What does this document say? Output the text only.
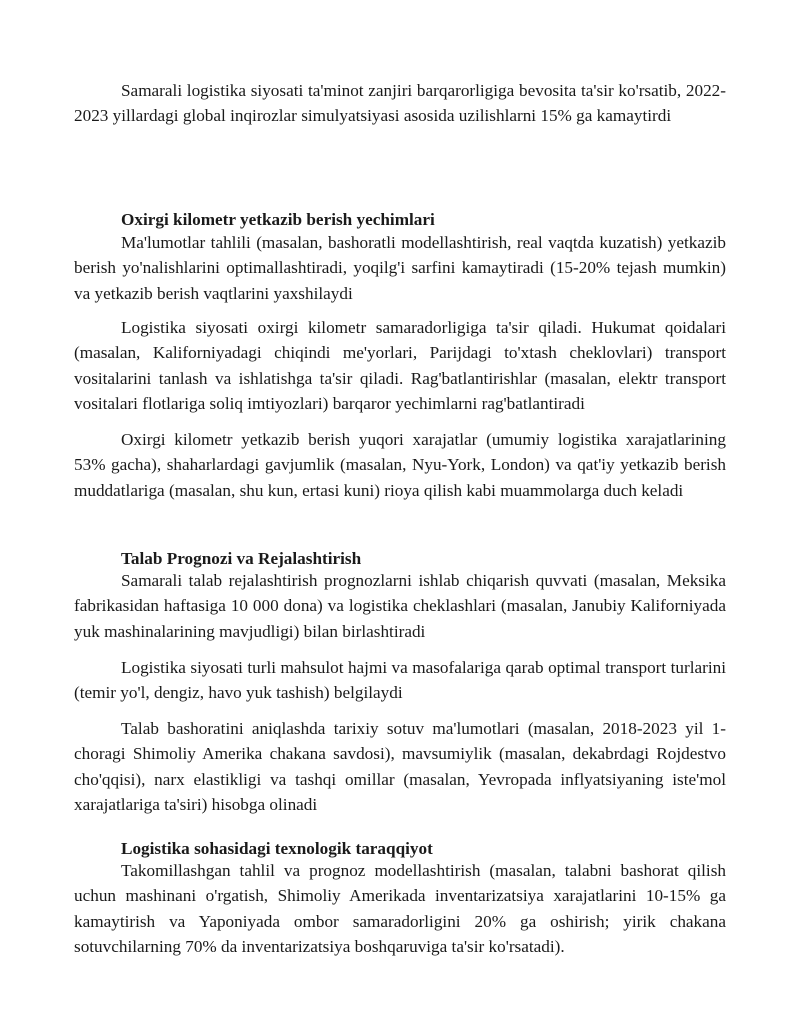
Samarali logistika siyosati ta'minot zanjiri barqarorligiga bevosita ta'sir ko'rsatib, 2022-2023 yillardagi global inqirozlar simulyatsiyasi asosida uzilishlarni 15% ga kamaytirdi

Oxirgi kilometr yetkazib berish yechimlari

Ma'lumotlar tahlili (masalan, bashoratli modellashtirish, real vaqtda kuzatish) yetkazib berish yo'nalishlarini optimallashtiradi, yoqilg'i sarfini kamaytiradi (15-20% tejash mumkin) va yetkazib berish vaqtlarini yaxshilaydi

Logistika siyosati oxirgi kilometr samaradorligiga ta'sir qiladi. Hukumat qoidalari (masalan, Kaliforniyadagi chiqindi me'yorlari, Parijdagi to'xtash cheklovlari) transport vositalarini tanlash va ishlatishga ta'sir qiladi. Rag'batlantirishlar (masalan, elektr transport vositalari flotlariga soliq imtiyozlari) barqaror yechimlarni rag'batlantiradi

Oxirgi kilometr yetkazib berish yuqori xarajatlar (umumiy logistika xarajatlarining 53% gacha), shaharlardagi gavjumlik (masalan, Nyu-York, London) va qat'iy yetkazib berish muddatlariga (masalan, shu kun, ertasi kuni) rioya qilish kabi muammolarga duch keladi

Talab Prognozi va Rejalashtirish

Samarali talab rejalashtirish prognozlarni ishlab chiqarish quvvati (masalan, Meksika fabrikasidan haftasiga 10 000 dona) va logistika cheklashlari (masalan, Janubiy Kaliforniyada yuk mashinalarining mavjudligi) bilan birlashtiradi

Logistika siyosati turli mahsulot hajmi va masofalariga qarab optimal transport turlarini (temir yo'l, dengiz, havo yuk tashish) belgilaydi

Talab bashoratini aniqlashda tarixiy sotuv ma'lumotlari (masalan, 2018-2023 yil 1-choragi Shimoliy Amerika chakana savdosi), mavsumiylik (masalan, dekabrdagi Rojdestvo cho'qqisi), narx elastikligi va tashqi omillar (masalan, Yevropada inflyatsiyaning iste'mol xarajatlariga ta'siri) hisobga olinadi

Logistika sohasidagi texnologik taraqqiyot

Takomillashgan tahlil va prognoz modellashtirish (masalan, talabni bashorat qilish uchun mashinani o'rgatish, Shimoliy Amerikada inventarizatsiya xarajatlarini 10-15% ga kamaytirish va Yaponiyada ombor samaradorligini 20% ga oshirish; yirik chakana sotuvchilarning 70% da inventarizatsiya boshqaruviga ta'sir ko'rsatadi).
